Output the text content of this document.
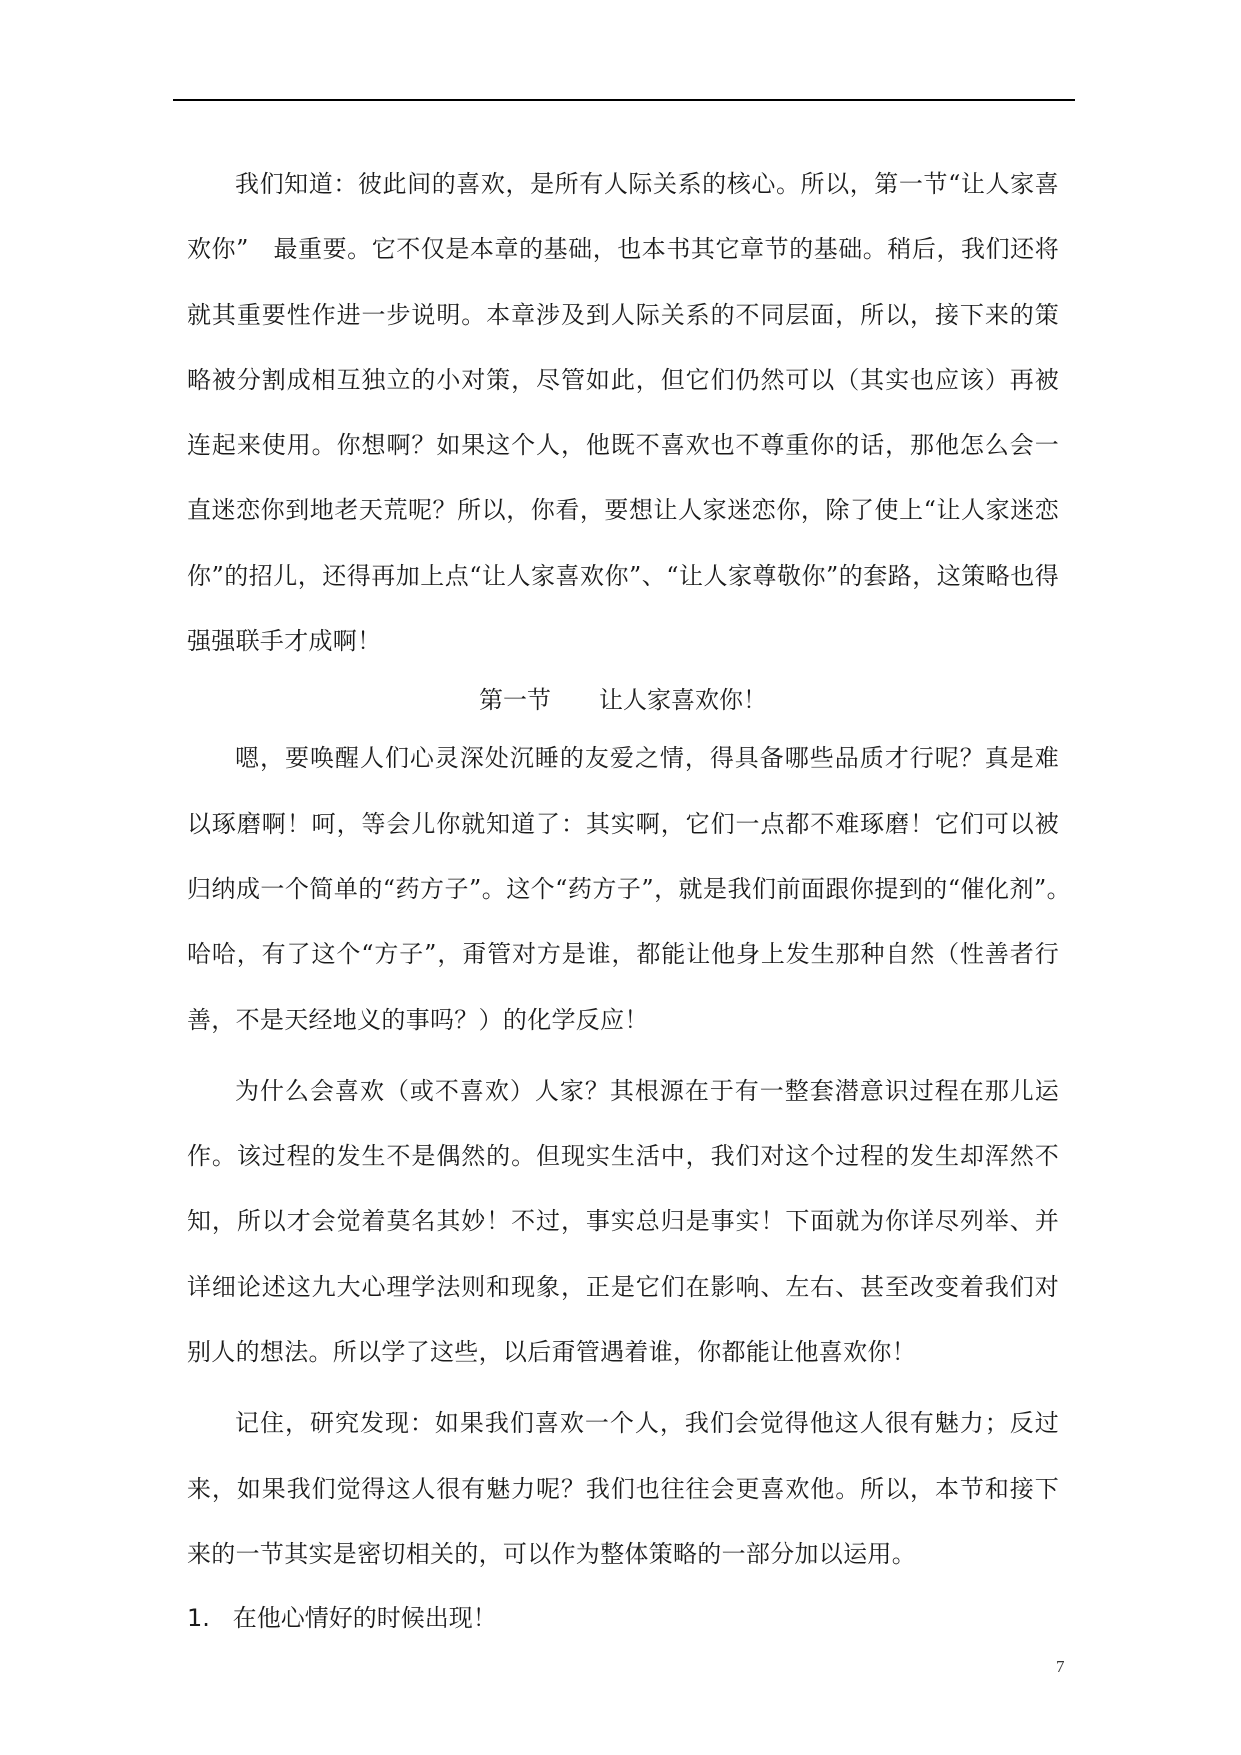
我们知道：彼此间的喜欢，是所有人际关系的核心。所以，第一节“让人家喜欢你”　最重要。它不仅是本章的基础，也本书其它章节的基础。稍后，我们还将就其重要性作进一步说明。本章涉及到人际关系的不同层面，所以，接下来的策略被分割成相互独立的小对策，尽管如此，但它们仍然可以（其实也应该）再被连起来使用。你想啊？如果这个人，他既不喜欢也不尊重你的话，那他怎么会一直迷恋你到地老天荒呢？所以，你看，要想让人家迷恋你，除了使上“让人家迷恋你”的招儿，还得再加上点“让人家喜欢你”、“让人家尊敬你”的套路，这策略也得强强联手才成啊！

第一节　　让人家喜欢你！

嗯，要唤醒人们心灵深处沉睡的友爱之情，得具备哪些品质才行呢？真是难以琢磨啊！呵，等会儿你就知道了：其实啊，它们一点都不难琢磨！它们可以被归纳成一个简单的“药方子”。这个“药方子”，就是我们前面跟你提到的“催化剂”。　哈哈，有了这个“方子”，甭管对方是谁，都能让他身上发生那种自然（性善者行善，不是天经地义的事吗？）的化学反应！

为什么会喜欢（或不喜欢）人家？其根源在于有一整套潜意识过程在那儿运作。该过程的发生不是偶然的。但现实生活中，我们对这个过程的发生却浑然不知，所以才会觉着莫名其妙！不过，事实总归是事实！下面就为你详尽列举、并详细论述这九大心理学法则和现象，正是它们在影响、左右、甚至改变着我们对别人的想法。所以学了这些，以后甭管遇着谁，你都能让他喜欢你！

记住，研究发现：如果我们喜欢一个人，我们会觉得他这人很有魅力；反过来，如果我们觉得这人很有魅力呢？我们也往往会更喜欢他。所以，本节和接下来的一节其实是密切相关的，可以作为整体策略的一部分加以运用。

1.   在他心情好的时候出现！
7
